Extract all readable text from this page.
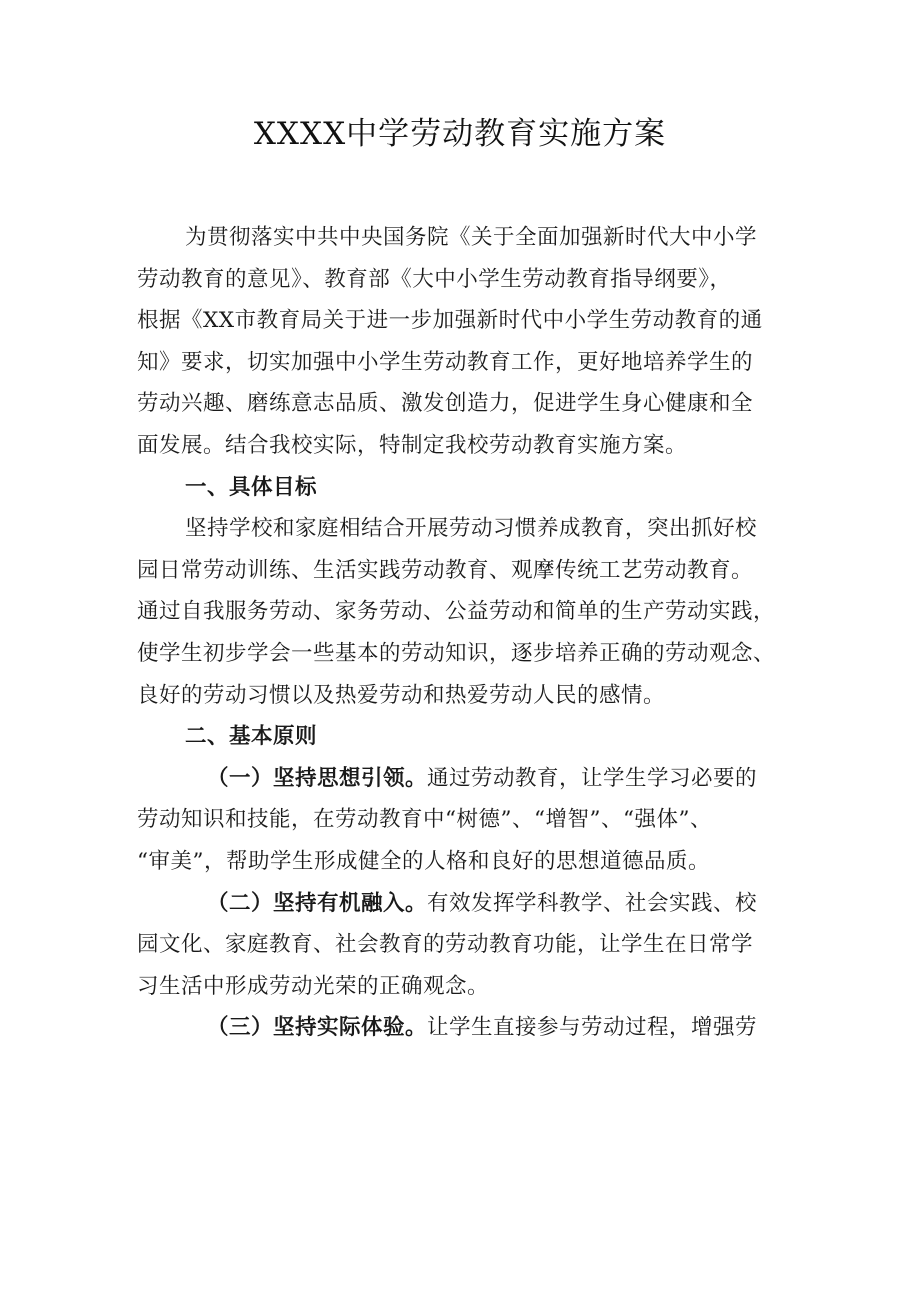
XXXX中学劳动教育实施方案
为贯彻落实中共中央国务院《关于全面加强新时代大中小学
劳动教育的意见》、教育部《大中小学生劳动教育指导纲要》，
根据《XX市教育局关于进一步加强新时代中小学生劳动教育的通
知》要求，切实加强中小学生劳动教育工作，更好地培养学生的
劳动兴趣、磨练意志品质、激发创造力，促进学生身心健康和全
面发展。结合我校实际，特制定我校劳动教育实施方案。
一、具体目标
坚持学校和家庭相结合开展劳动习惯养成教育，突出抓好校
园日常劳动训练、生活实践劳动教育、观摩传统工艺劳动教育。
通过自我服务劳动、家务劳动、公益劳动和简单的生产劳动实践，
使学生初步学会一些基本的劳动知识，逐步培养正确的劳动观念、
良好的劳动习惯以及热爱劳动和热爱劳动人民的感情。
二、基本原则
（一）坚持思想引领。通过劳动教育，让学生学习必要的
劳动知识和技能，在劳动教育中“树德”、“增智”、“强体”、
“审美”，帮助学生形成健全的人格和良好的思想道德品质。
（二）坚持有机融入。有效发挥学科教学、社会实践、校
园文化、家庭教育、社会教育的劳动教育功能，让学生在日常学
习生活中形成劳动光荣的正确观念。
（三）坚持实际体验。让学生直接参与劳动过程，增强劳
